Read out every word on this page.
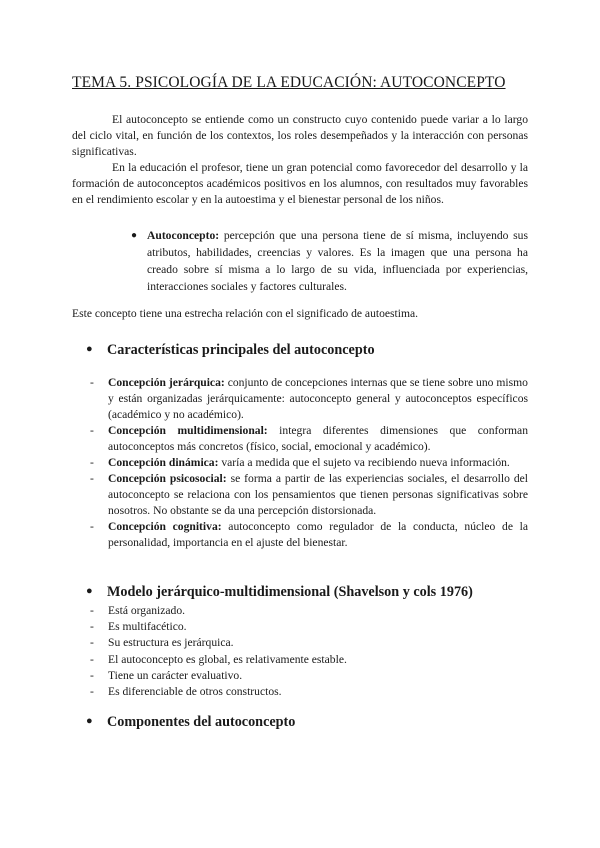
TEMA 5. PSICOLOGÍA DE LA EDUCACIÓN: AUTOCONCEPTO

El autoconcepto se entiende como un constructo cuyo contenido puede variar a lo largo del ciclo vital, en función de los contextos, los roles desempeñados y la interacción con personas significativas.

En la educación el profesor, tiene un gran potencial como favorecedor del desarrollo y la formación de autoconceptos académicos positivos en los alumnos, con resultados muy favorables en el rendimiento escolar y en la autoestima y el bienestar personal de los niños.

● Autoconcepto: percepción que una persona tiene de sí misma, incluyendo sus atributos, habilidades, creencias y valores. Es la imagen que una persona ha creado sobre sí misma a lo largo de su vida, influenciada por experiencias, interacciones sociales y factores culturales.
Este concepto tiene una estrecha relación con el significado de autoestima.
● Características principales del autoconcepto
- Concepción jerárquica: conjunto de concepciones internas que se tiene sobre uno mismo y están organizadas jerárquicamente: autoconcepto general y autoconceptos específicos (académico y no académico).
- Concepción multidimensional: integra diferentes dimensiones que conforman autoconceptos más concretos (físico, social, emocional y académico).
- Concepción dinámica: varía a medida que el sujeto va recibiendo nueva información.
- Concepción psicosocial: se forma a partir de las experiencias sociales, el desarrollo del autoconcepto se relaciona con los pensamientos que tienen personas significativas sobre nosotros. No obstante se da una percepción distorsionada.
- Concepción cognitiva: autoconcepto como regulador de la conducta, núcleo de la personalidad, importancia en el ajuste del bienestar.
● Modelo jerárquico-multidimensional (Shavelson y cols 1976)
- Está organizado.
- Es multifacético.
- Su estructura es jerárquica.
- El autoconcepto es global, es relativamente estable.
- Tiene un carácter evaluativo.
- Es diferenciable de otros constructos.
● Componentes del autoconcepto
